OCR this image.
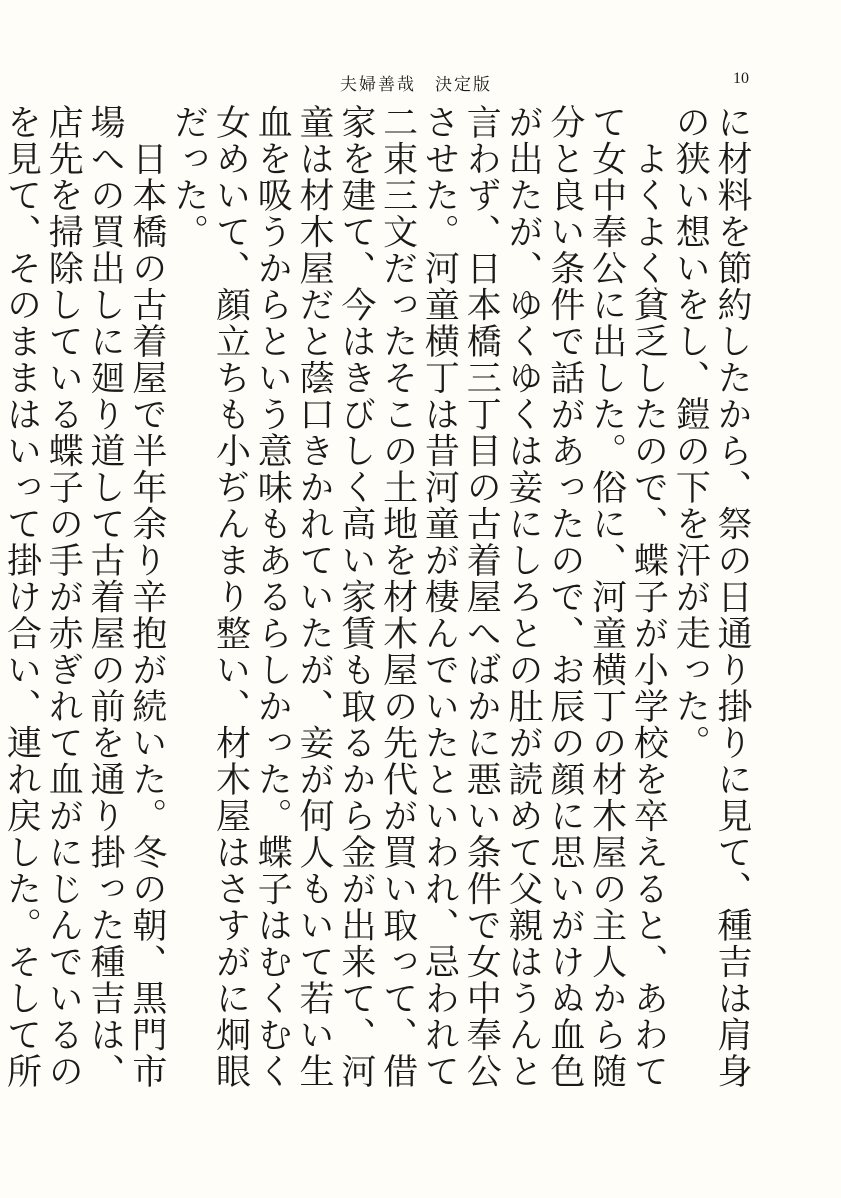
夫婦善哉　決定版	10

に材料を節約したから、祭の日通り掛りに見て、種吉は肩身の狭い想いをし、鎧の下を汗が走った。

　よくよく貧乏したので、蝶子が小学校を卒えると、あわてて女中奉公に出した。俗に、河童横丁の材木屋の主人から随分と良い条件で話があったので、お辰の顔に思いがけぬ血色が出たが、ゆくゆくは妾にしろとの肚が読めて父親はうんと言わず、日本橋三丁目の古着屋へばかに悪い条件で女中奉公させた。河童横丁は昔河童が棲んでいたといわれ、忌われて二束三文だったそこの土地を材木屋の先代が買い取って、借家を建て、今はきびしく高い家賃も取るから金が出来て、河童は材木屋だと蔭口きかれていたが、妾が何人もいて若い生血を吸うからという意味もあるらしかった。蝶子はむくむく女めいて、顔立ちも小ぢんまり整い、材木屋はさすがに炯眼だった。

　日本橋の古着屋で半年余り辛抱が続いた。冬の朝、黒門市場への買出しに廻り道して古着屋の前を通り掛った種吉は、店先を掃除している蝶子の手が赤ぎれて血がにじんでいるのを見て、そのままはいって掛け合い、連れ戻した。そして所
